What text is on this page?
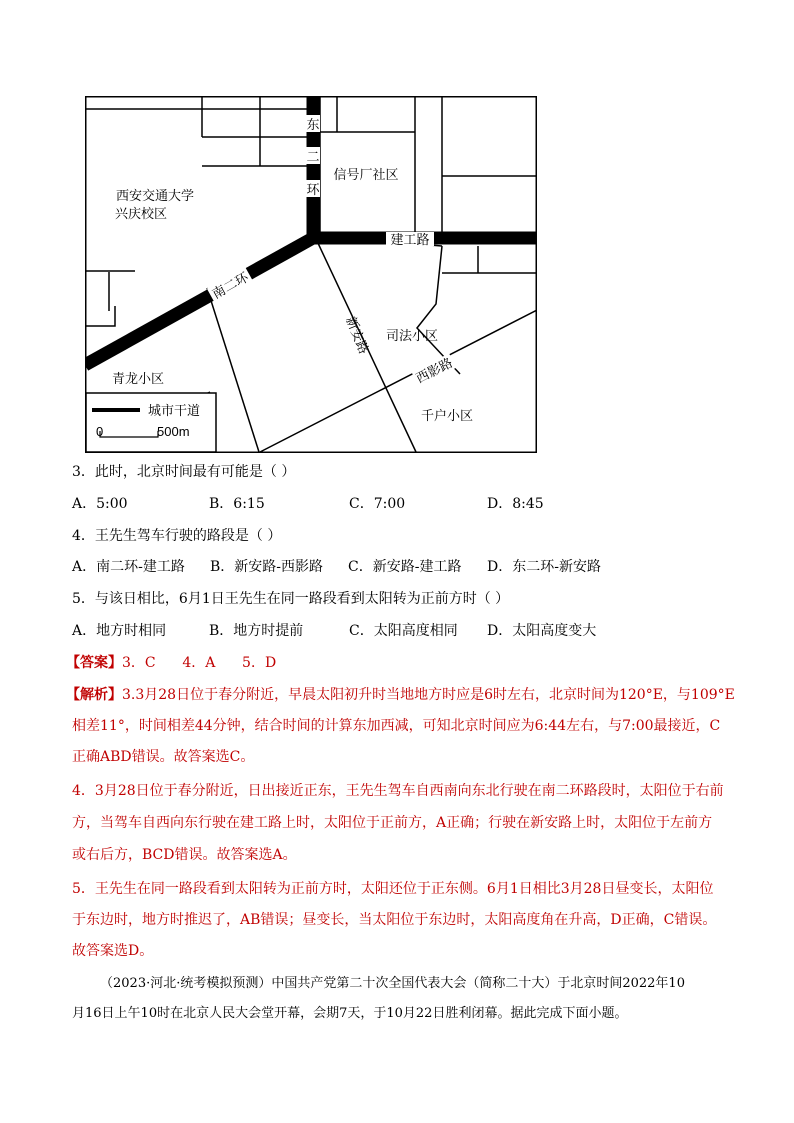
西安交通大学
兴庆校区
信号厂社区
东
二
环
建工路
南二环
新安路 司法小区
西影路
青龙小区
千户小区
城市干道
0	500m
3．此时，北京时间最有可能是（ ）
A．5:00	B．6:15	C．7:00	D．8:45
4．王先生驾车行驶的路段是（ ）
A．南二环-建工路 B．新安路-西影路 C．新安路-建工路 D．东二环-新安路
5．与该日相比，6月1日王先生在同一路段看到太阳转为正前方时（ ）
A．地方时相同	B．地方时提前	C．太阳高度相同 D．太阳高度变大
【答案】3．C      4．A      5．D
【解析】3.3月28日位于春分附近，早晨太阳初升时当地地方时应是6时左右，北京时间为120°E，与109°E
相差11°，时间相差44分钟，结合时间的计算东加西减，可知北京时间应为6:44左右，与7:00最接近，C
正确ABD错误。故答案选C。
4．3月28日位于春分附近，日出接近正东，王先生驾车自西南向东北行驶在南二环路段时，太阳位于右前
方，当驾车自西向东行驶在建工路上时，太阳位于正前方，A正确；行驶在新安路上时，太阳位于左前方
或右后方，BCD错误。故答案选A。
5．王先生在同一路段看到太阳转为正前方时，太阳还位于正东侧。6月1日相比3月28日昼变长，太阳位
于东边时，地方时推迟了，AB错误；昼变长，当太阳位于东边时，太阳高度角在升高，D正确，C错误。
故答案选D。
（2023·河北·统考模拟预测）中国共产党第二十次全国代表大会（简称二十大）于北京时间2022年10
月16日上午10时在北京人民大会堂开幕，会期7天，于10月22日胜利闭幕。据此完成下面小题。
